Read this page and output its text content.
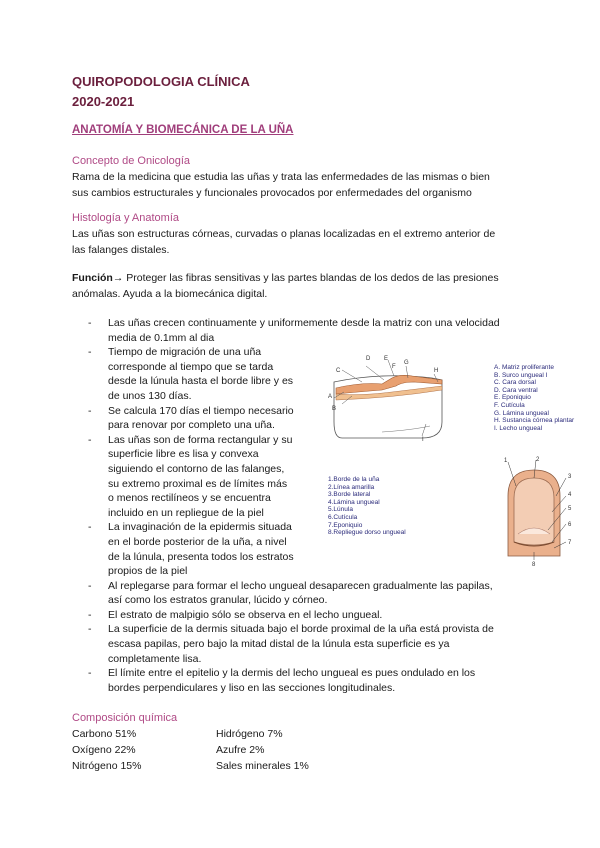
QUIROPODOLOGIA CLÍNICA
2020-2021
ANATOMÍA Y BIOMECÁNICA DE LA UÑA
Concepto de Onicología
Rama de la medicina que estudia las uñas y trata las enfermedades de las mismas o bien
sus cambios estructurales y funcionales provocados por enfermedades del organismo
Histología y Anatomía
Las uñas son estructuras córneas, curvadas o planas localizadas en el extremo anterior de
las falanges distales.
Función→ Proteger las fibras sensitivas y las partes blandas de los dedos de las presiones
anómalas. Ayuda a la biomecánica digital.
- Las uñas crecen continuamente y uniformemente desde la matriz con una velocidad
media de 0.1mm al dia
- Tiempo de migración de una uña
corresponde al tiempo que se tarda
desde la lúnula hasta el borde libre y es
de unos 130 días.
- Se calcula 170 días el tiempo necesario
para renovar por completo una uña.
- Las uñas son de forma rectangular y su
superficie libre es lisa y convexa
siguiendo el contorno de las falanges,
su extremo proximal es de límites más
o menos rectilíneos y se encuentra
incluido en un repliegue de la piel
- La invaginación de la epidermis situada
en el borde posterior de la uña, a nivel
de la lúnula, presenta todos los estratos
propios de la piel
- Al replegarse para formar el lecho ungueal desaparecen gradualmente las papilas,
así como los estratos granular, lúcido y córneo.
- El estrato de malpigio sólo se observa en el lecho ungueal.
- La superficie de la dermis situada bajo el borde proximal de la uña está provista de
escasa papilas, pero bajo la mitad distal de la lúnula esta superficie es ya
completamente lisa.
- El límite entre el epitelio y la dermis del lecho ungueal es pues ondulado en los
bordes perpendiculares y liso en las secciones longitudinales.
A
B
C
D E
F
G
H
I
A. Matriz proliferante
B. Surco ungueal I
C. Cara dorsal
D. Cara ventral
E. Eponiquio
F. Cutícula
G. Lámina ungueal
H. Sustancia córnea plantar
I. Lecho ungueal
1.Borde de la uña
2.Línea amarilla
3.Borde lateral
4.Lámina ungueal
5.Lúnula
6.Cutícula
7.Eponiquio
8.Repliegue dorso ungueal
1	2
3
4
5
6
7
8
Composición química
Carbono 51%
Oxígeno 22%
Nitrógeno 15%
Hidrógeno 7%
Azufre 2%
Sales minerales 1%
